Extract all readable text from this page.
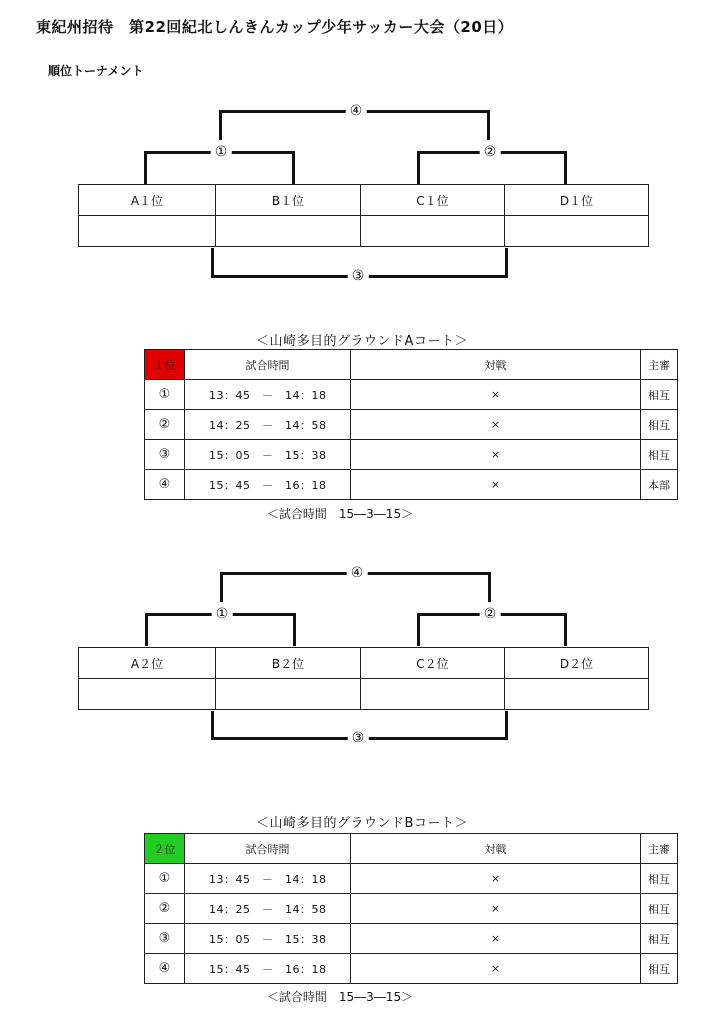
東紀州招待　第22回紀北しんきんカップ少年サッカー大会（20日）
順位トーナメント
④
①	②
A１位	B１位	C１位	D１位

③
＜山崎多目的グラウンドAコート＞
１位	試合時間	対戦	主審
①	13：45　－　14：18	×	相互
②	14：25　－　14：58	×	相互
③	15：05　－　15：38	×	相互
④	15：45　－　16：18	×	本部
＜試合時間　15―3―15＞
④
①	②
A２位	B２位	C２位	D２位

③
＜山崎多目的グラウンドBコート＞
２位	試合時間	対戦	主審
①	13：45　－　14：18	×	相互
②	14：25　－　14：58	×	相互
③	15：05　－　15：38	×	相互
④	15：45　－　16：18	×	相互
＜試合時間　15―3―15＞
